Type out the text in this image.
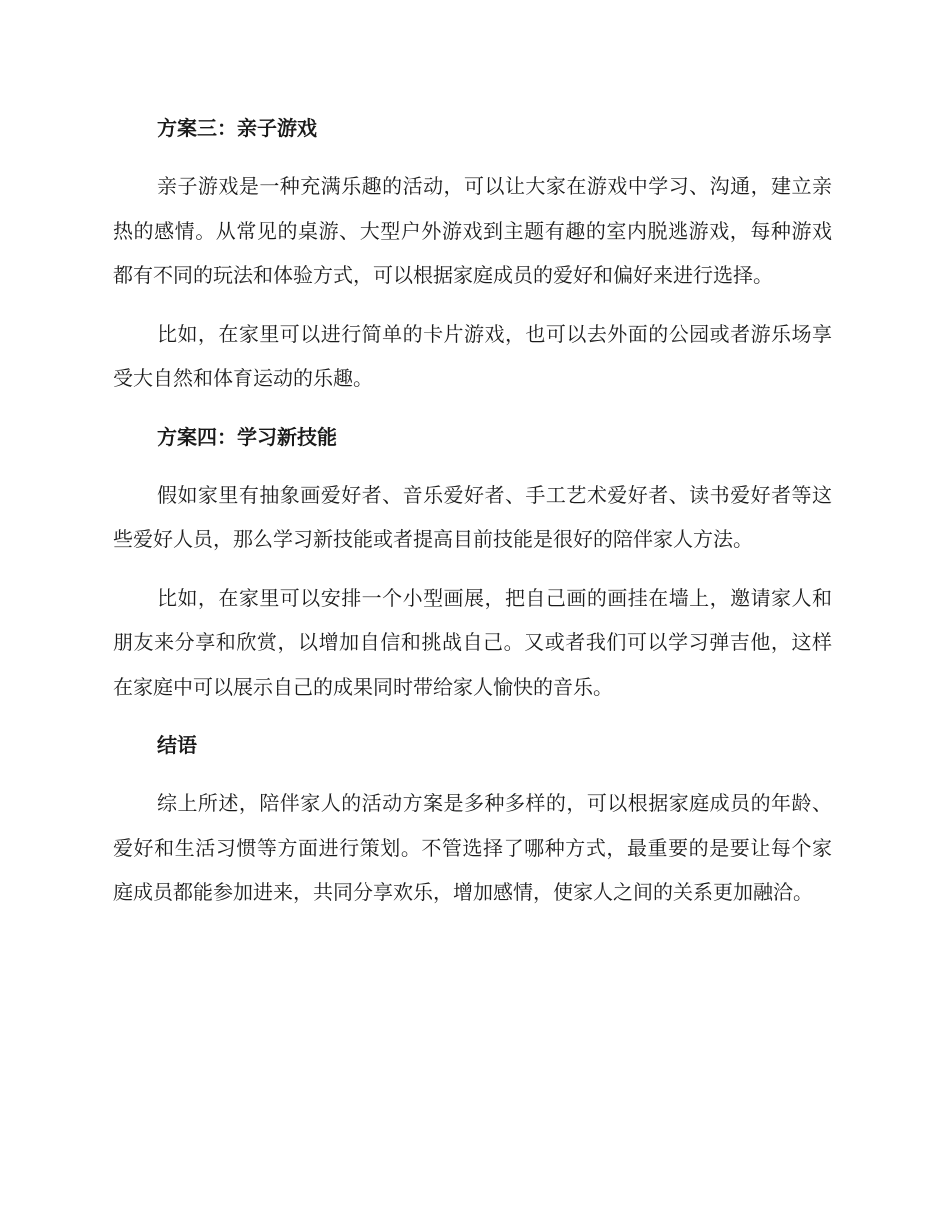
方案三：亲子游戏

亲子游戏是一种充满乐趣的活动，可以让大家在游戏中学习、沟通，建立亲热的感情。从常见的桌游、大型户外游戏到主题有趣的室内脱逃游戏，每种游戏都有不同的玩法和体验方式，可以根据家庭成员的爱好和偏好来进行选择。

比如，在家里可以进行简单的卡片游戏，也可以去外面的公园或者游乐场享受大自然和体育运动的乐趣。

方案四：学习新技能

假如家里有抽象画爱好者、音乐爱好者、手工艺术爱好者、读书爱好者等这些爱好人员，那么学习新技能或者提高目前技能是很好的陪伴家人方法。

比如，在家里可以安排一个小型画展，把自己画的画挂在墙上，邀请家人和朋友来分享和欣赏，以增加自信和挑战自己。又或者我们可以学习弹吉他，这样在家庭中可以展示自己的成果同时带给家人愉快的音乐。

结语

综上所述，陪伴家人的活动方案是多种多样的，可以根据家庭成员的年龄、爱好和生活习惯等方面进行策划。不管选择了哪种方式，最重要的是要让每个家庭成员都能参加进来，共同分享欢乐，增加感情，使家人之间的关系更加融洽。
